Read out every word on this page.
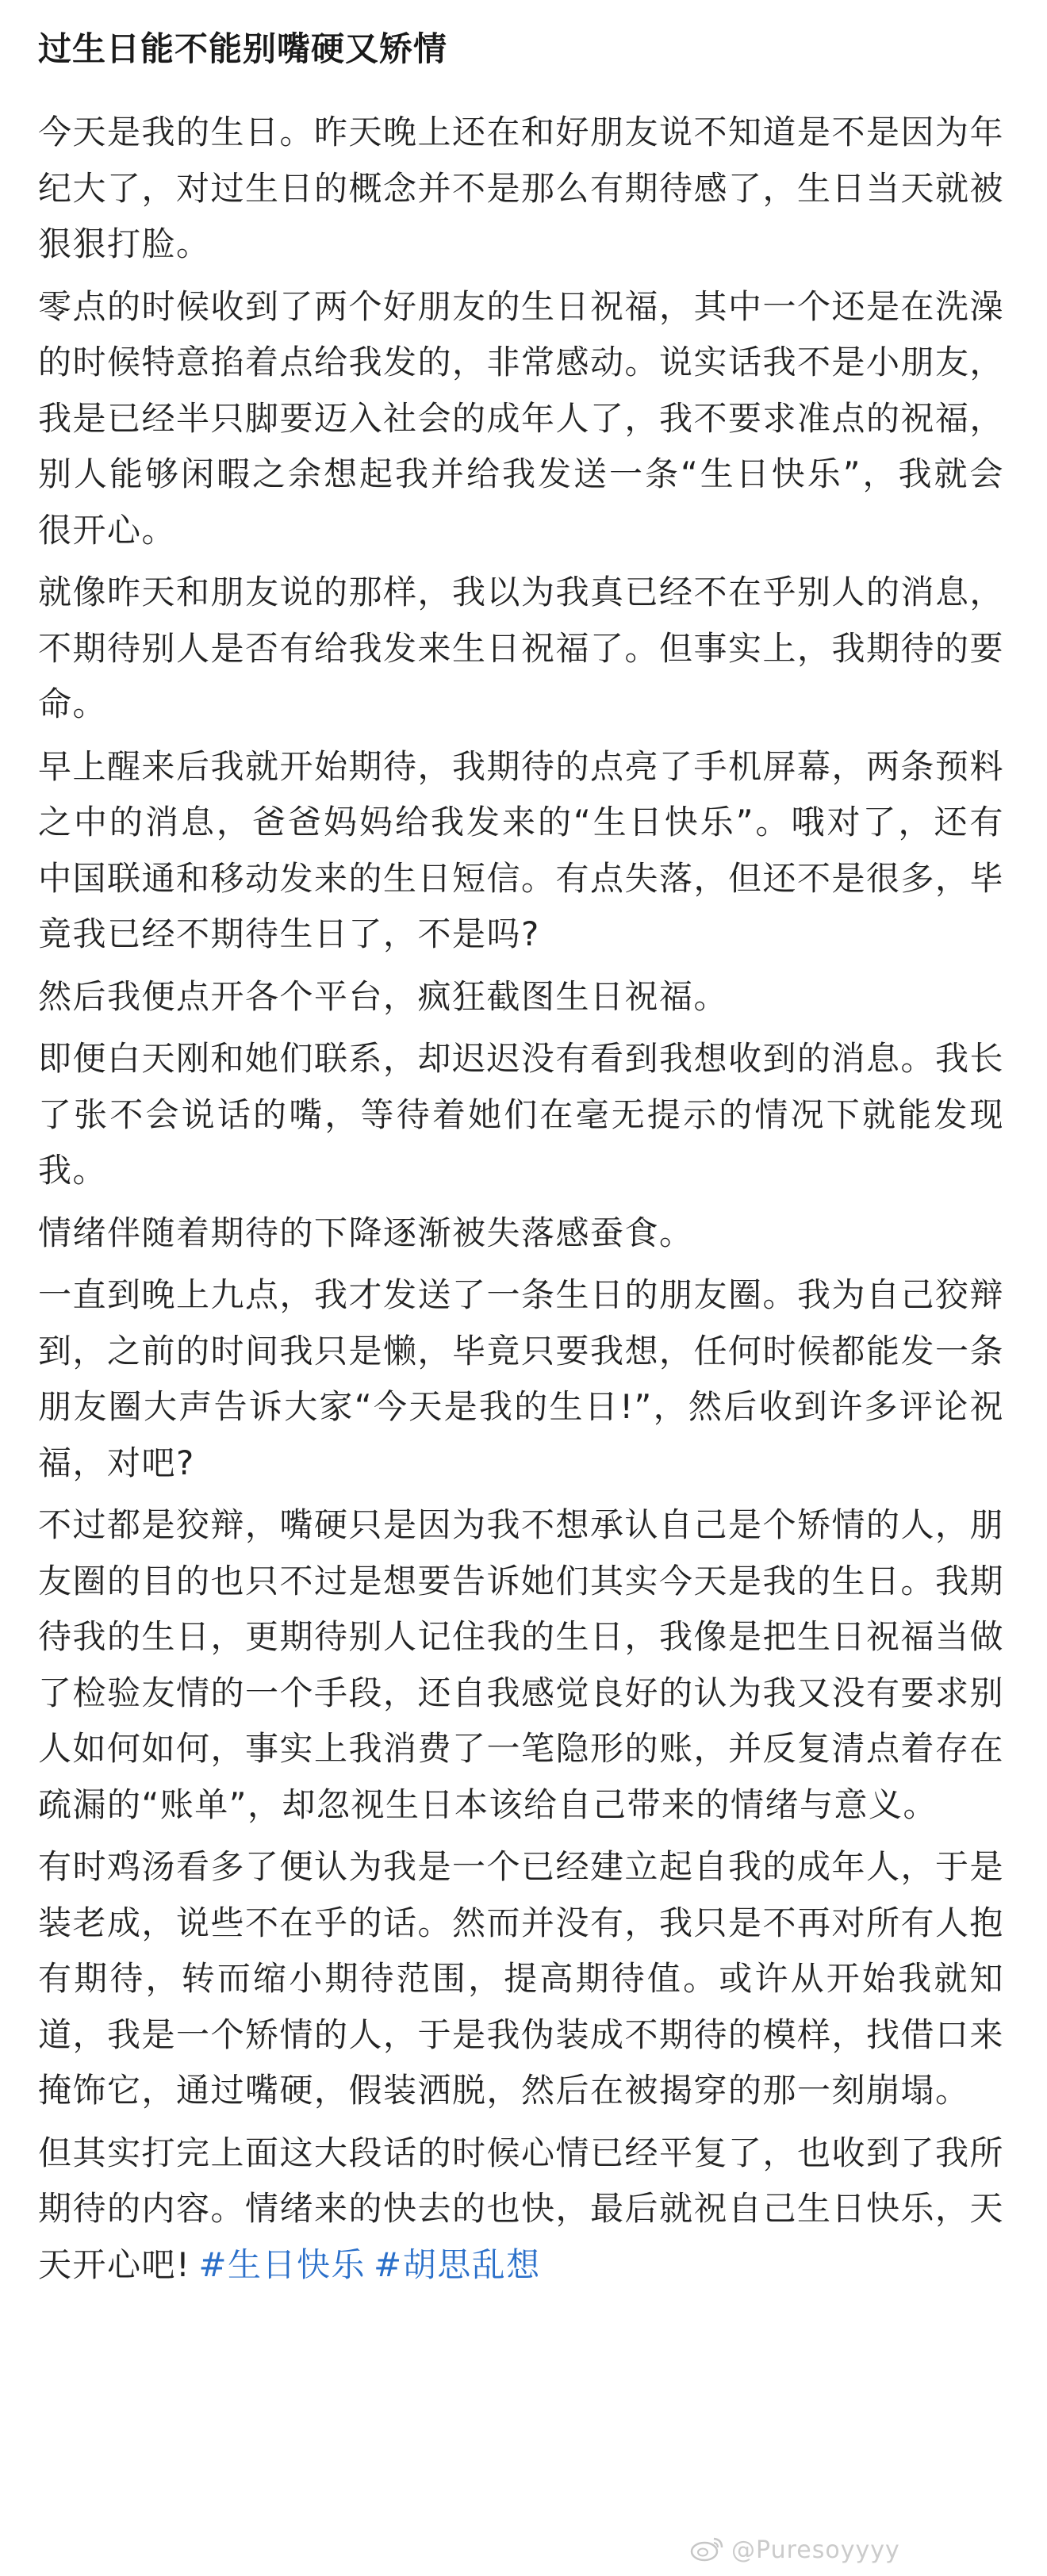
过生日能不能别嘴硬又矫情

今天是我的生日。昨天晚上还在和好朋友说不知道是不是因为年纪大了，对过生日的概念并不是那么有期待感了，生日当天就被狠狠打脸。

零点的时候收到了两个好朋友的生日祝福，其中一个还是在洗澡的时候特意掐着点给我发的，非常感动。说实话我不是小朋友，我是已经半只脚要迈入社会的成年人了，我不要求准点的祝福，别人能够闲暇之余想起我并给我发送一条“生日快乐”，我就会很开心。

就像昨天和朋友说的那样，我以为我真已经不在乎别人的消息，不期待别人是否有给我发来生日祝福了。但事实上，我期待的要命。

早上醒来后我就开始期待，我期待的点亮了手机屏幕，两条预料之中的消息，爸爸妈妈给我发来的“生日快乐”。哦对了，还有中国联通和移动发来的生日短信。有点失落，但还不是很多，毕竟我已经不期待生日了，不是吗?

然后我便点开各个平台，疯狂截图生日祝福。

即便白天刚和她们联系，却迟迟没有看到我想收到的消息。我长了张不会说话的嘴，等待着她们在毫无提示的情况下就能发现我。

情绪伴随着期待的下降逐渐被失落感蚕食。

一直到晚上九点，我才发送了一条生日的朋友圈。我为自己狡辩到，之前的时间我只是懒，毕竟只要我想，任何时候都能发一条朋友圈大声告诉大家“今天是我的生日!”，然后收到许多评论祝福，对吧?

不过都是狡辩，嘴硬只是因为我不想承认自己是个矫情的人，朋友圈的目的也只不过是想要告诉她们其实今天是我的生日。我期待我的生日，更期待别人记住我的生日，我像是把生日祝福当做了检验友情的一个手段，还自我感觉良好的认为我又没有要求别人如何如何，事实上我消费了一笔隐形的账，并反复清点着存在疏漏的“账单”，却忽视生日本该给自己带来的情绪与意义。

有时鸡汤看多了便认为我是一个已经建立起自我的成年人，于是装老成，说些不在乎的话。然而并没有，我只是不再对所有人抱有期待，转而缩小期待范围，提高期待值。或许从开始我就知道，我是一个矫情的人，于是我伪装成不期待的模样，找借口来掩饰它，通过嘴硬，假装洒脱，然后在被揭穿的那一刻崩塌。

但其实打完上面这大段话的时候心情已经平复了，也收到了我所期待的内容。情绪来的快去的也快，最后就祝自己生日快乐，天天开心吧! #生日快乐 #胡思乱想

@Puresoyyyy
